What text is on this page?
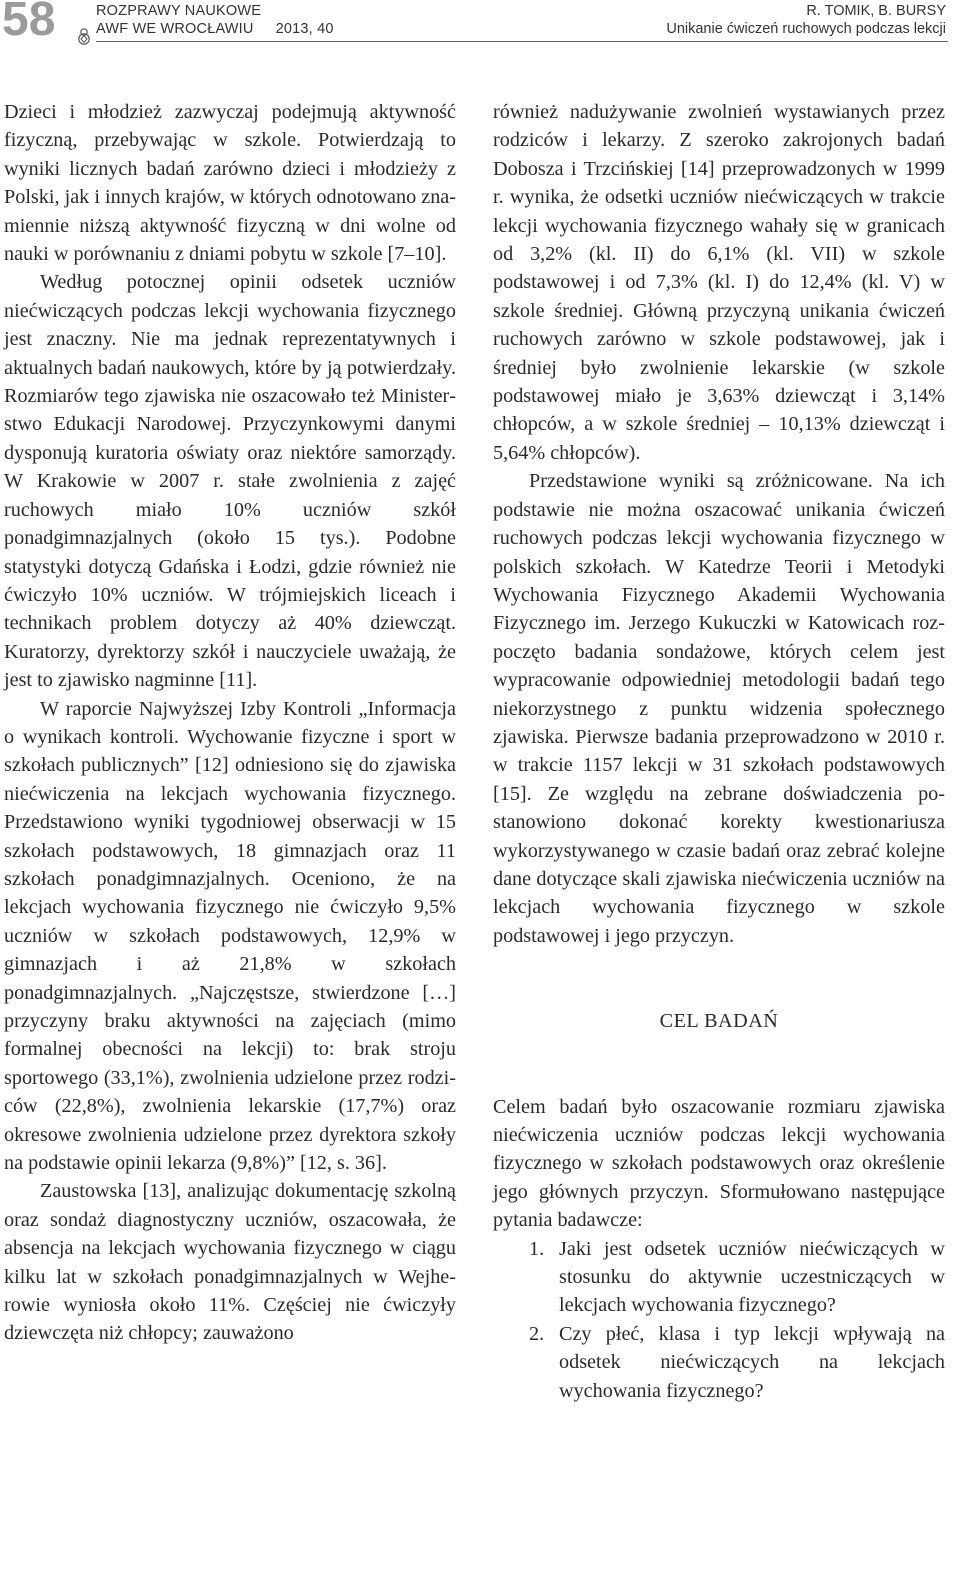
58	ROZPRAWY NAUKOWE
AWF WE WROCŁAWIU 2013, 40
R. TOMIK, B. BURSY
Unikanie ćwiczeń ruchowych podczas lekcji

Dzieci i młodzież zazwyczaj podejmują aktywność fizyczną, przebywając w szkole. Potwierdzają to wyniki licznych badań zarówno dzieci i młodzieży z Polski, jak i innych krajów, w których odnotowano znamiennie niższą aktywność fizyczną w dni wolne od nauki w porównaniu z dniami pobytu w szkole [7–10].

Według potocznej opinii odsetek uczniów niećwiczących podczas lekcji wychowania fizycznego jest znaczny. Nie ma jednak reprezentatywnych i aktualnych badań naukowych, które by ją potwierdzały. Rozmiarów tego zjawiska nie oszacowało też Ministerstwo Edukacji Narodowej. Przyczynkowymi danymi dysponują kuratoria oświaty oraz niektóre samorządy. W Krakowie w 2007 r. stałe zwolnienia z zajęć ruchowych miało 10% uczniów szkół ponadgimnazjalnych (około 15 tys.). Podobne statystyki dotyczą Gdańska i Łodzi, gdzie również nie ćwiczyło 10% uczniów. W trójmiejskich liceach i technikach problem dotyczy aż 40% dziewcząt. Kuratorzy, dyrektorzy szkół i nauczyciele uważają, że jest to zjawisko nagminne [11].

W raporcie Najwyższej Izby Kontroli „Informacja o wynikach kontroli. Wychowanie fizyczne i sport w szkołach publicznych” [12] odniesiono się do zjawiska niećwiczenia na lekcjach wychowania fizycznego. Przedstawiono wyniki tygodniowej obserwacji w 15 szkołach podstawowych, 18 gimnazjach oraz 11 szkołach ponadgimnazjalnych. Oceniono, że na lekcjach wychowania fizycznego nie ćwiczyło 9,5% uczniów w szkołach podstawowych, 12,9% w gimnazjach i aż 21,8% w szkołach ponadgimnazjalnych. „Najczęstsze, stwierdzone […] przyczyny braku aktywności na zajęciach (mimo formalnej obecności na lekcji) to: brak stroju sportowego (33,1%), zwolnienia udzielone przez rodziców (22,8%), zwolnienia lekarskie (17,7%) oraz okresowe zwolnienia udzielone przez dyrektora szkoły na podstawie opinii lekarza (9,8%)” [12, s. 36].

Zaustowska [13], analizując dokumentację szkolną oraz sondaż diagnostyczny uczniów, oszacowała, że absencja na lekcjach wychowania fizycznego w ciągu kilku lat w szkołach ponadgimnazjalnych w Wejherowie wyniosła około 11%. Częściej nie ćwiczyły dziewczęta niż chłopcy; zauważono

również nadużywanie zwolnień wystawianych przez rodziców i lekarzy. Z szeroko zakrojonych badań Dobosza i Trzcińskiej [14] przeprowadzonych w 1999 r. wynika, że odsetki uczniów niećwiczących w trakcie lekcji wychowania fizycznego wahały się w granicach od 3,2% (kl. II) do 6,1% (kl. VII) w szkole podstawowej i od 7,3% (kl. I) do 12,4% (kl. V) w szkole średniej. Główną przyczyną unikania ćwiczeń ruchowych zarówno w szkole podstawowej, jak i średniej było zwolnienie lekarskie (w szkole podstawowej miało je 3,63% dziewcząt i 3,14% chłopców, a w szkole średniej – 10,13% dziewcząt i 5,64% chłopców).

Przedstawione wyniki są zróżnicowane. Na ich podstawie nie można oszacować unikania ćwiczeń ruchowych podczas lekcji wychowania fizycznego w polskich szkołach. W Katedrze Teorii i Metodyki Wychowania Fizycznego Akademii Wychowania Fizycznego im. Jerzego Kukuczki w Katowicach rozpoczęto badania sondażowe, których celem jest wypracowanie odpowiedniej metodologii badań tego niekorzystnego z punktu widzenia społecznego zjawiska. Pierwsze badania przeprowadzono w 2010 r. w trakcie 1157 lekcji w 31 szkołach podstawowych [15]. Ze względu na zebrane doświadczenia postanowiono dokonać korekty kwestionariusza wykorzystywanego w czasie badań oraz zebrać kolejne dane dotyczące skali zjawiska niećwiczenia uczniów na lekcjach wychowania fizycznego w szkole podstawowej i jego przyczyn.

CEL BADAŃ

Celem badań było oszacowanie rozmiaru zjawiska niećwiczenia uczniów podczas lekcji wychowania fizycznego w szkołach podstawowych oraz określenie jego głównych przyczyn. Sformułowano następujące pytania badawcze:

1. Jaki jest odsetek uczniów niećwiczących w stosunku do aktywnie uczestniczących w lekcjach wychowania fizycznego?
2. Czy płeć, klasa i typ lekcji wpływają na odsetek niećwiczących na lekcjach wychowania fizycznego?
